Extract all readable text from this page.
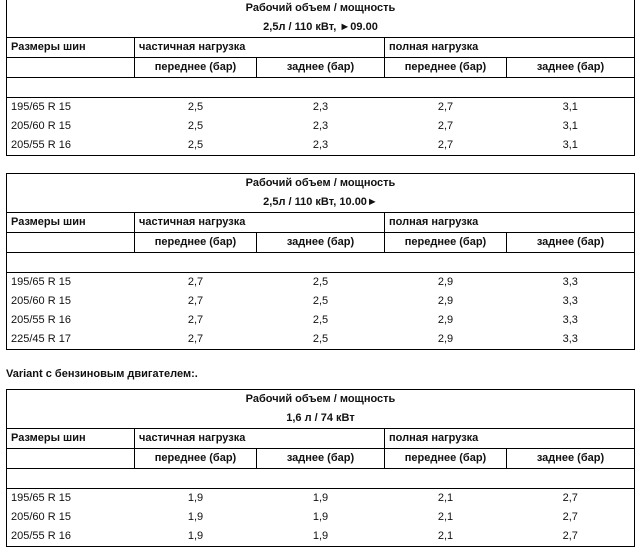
Рабочий объем / мощность				
2,5л / 110 кВт, ►09.00				
Размеры шин	частичная нагрузка		полная нагрузка	
	переднее (бар)	заднее (бар)	переднее (бар)	заднее (бар)

195/65 R 15	2,5	2,3	2,7	3,1
205/60 R 15	2,5	2,3	2,7	3,1
205/55 R 16	2,5	2,3	2,7	3,1
Рабочий объем / мощность				
2,5л / 110 кВт, 10.00►				
Размеры шин	частичная нагрузка		полная нагрузка	
	переднее (бар)	заднее (бар)	переднее (бар)	заднее (бар)

195/65 R 15	2,7	2,5	2,9	3,3
205/60 R 15	2,7	2,5	2,9	3,3
205/55 R 16	2,7	2,5	2,9	3,3
225/45 R 17	2,7	2,5	2,9	3,3
Variant с бензиновым двигателем:.
Рабочий объем / мощность				
1,6 л / 74 кВт				
Размеры шин	частичная нагрузка		полная нагрузка	
	переднее (бар)	заднее (бар)	переднее (бар)	заднее (бар)

195/65 R 15	1,9	1,9	2,1	2,7
205/60 R 15	1,9	1,9	2,1	2,7
205/55 R 16	1,9	1,9	2,1	2,7
